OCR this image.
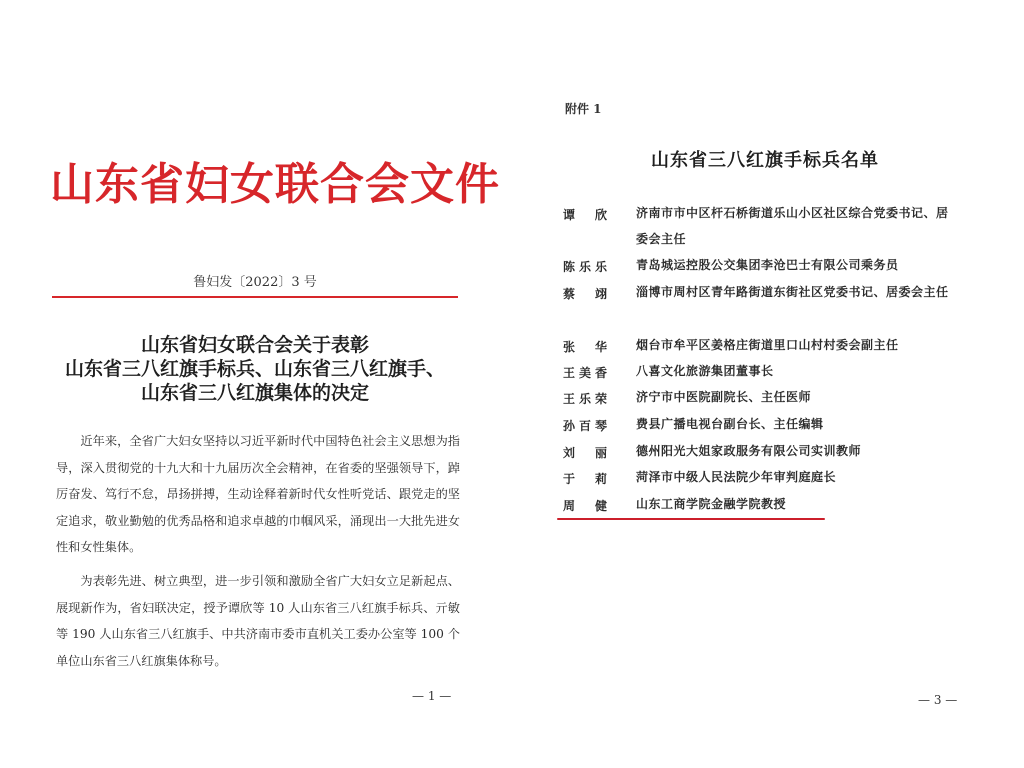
山东省妇女联合会文件
鲁妇发〔2022〕3 号
山东省妇女联合会关于表彰
山东省三八红旗手标兵、山东省三八红旗手、
山东省三八红旗集体的决定
近年来，全省广大妇女坚持以习近平新时代中国特色社会主义思想为指导，深入贯彻党的十九大和十九届历次全会精神，在省委的坚强领导下，踔厉奋发、笃行不怠，昂扬拼搏，生动诠释着新时代女性听党话、跟党走的坚定追求，敬业勤勉的优秀品格和追求卓越的巾帼风采，涌现出一大批先进女性和女性集体。
为表彰先进、树立典型，进一步引领和激励全省广大妇女立足新起点、展现新作为，省妇联决定，授予谭欣等 10 人山东省三八红旗手标兵、亓敏等 190 人山东省三八红旗手、中共济南市委市直机关工委办公室等 100 个单位山东省三八红旗集体称号。
— 1 —
附件 1
山东省三八红旗手标兵名单
谭 欣 济南市市中区杆石桥街道乐山小区社区综合党委书记、居委会主任
陈乐乐 青岛城运控股公交集团李沧巴士有限公司乘务员
蔡 翊 淄博市周村区青年路街道东街社区党委书记、居委会主任
张 华 烟台市牟平区姜格庄街道里口山村村委会副主任
王美香 八喜文化旅游集团董事长
王乐荣 济宁市中医院副院长、主任医师
孙百琴 费县广播电视台副台长、主任编辑
刘 丽 德州阳光大姐家政服务有限公司实训教师
于 莉 菏泽市中级人民法院少年审判庭庭长
周 健 山东工商学院金融学院教授
— 3 —
